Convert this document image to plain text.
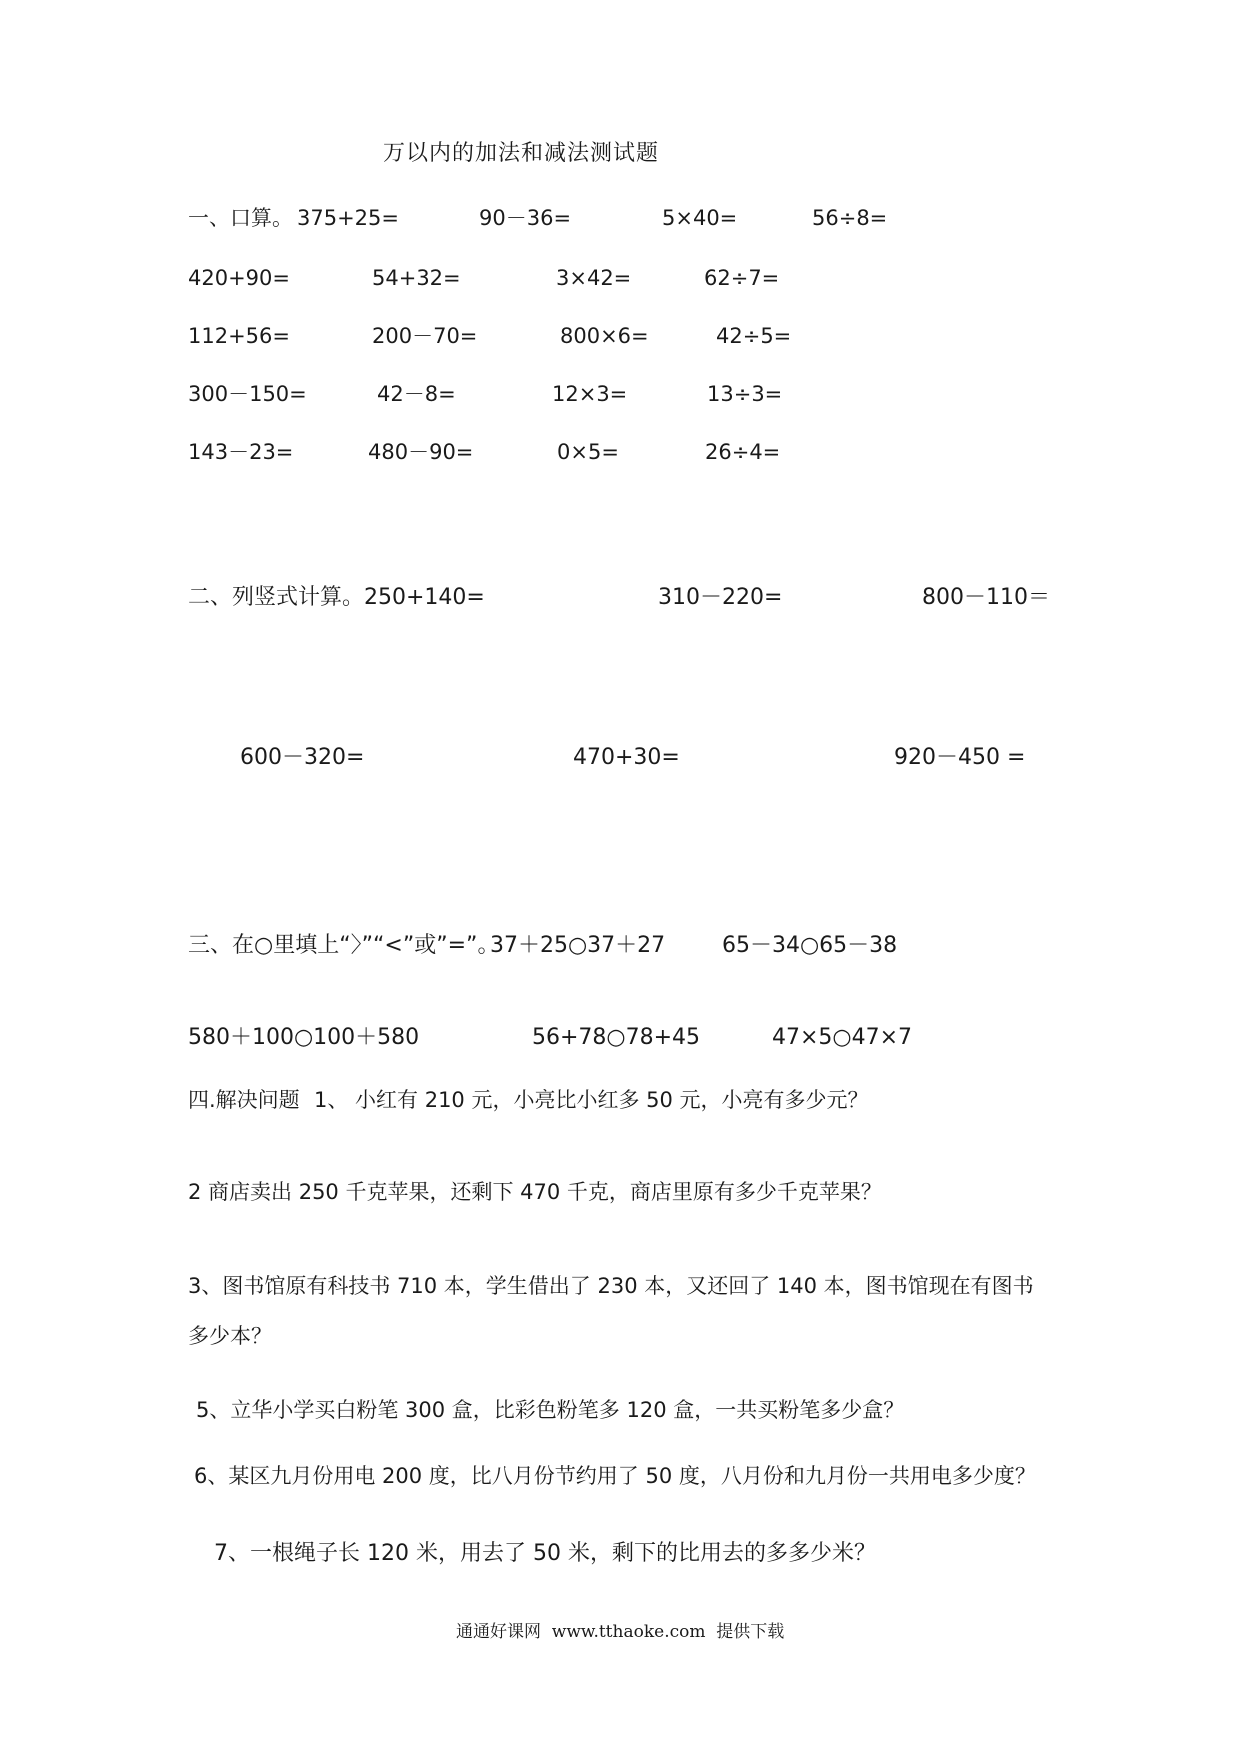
万以内的加法和减法测试题
一、口算。 375+25=	90－36=	5×40=	56÷8=
420+90=	54+32=	3×42=	62÷7=
112+56=	200－70=	800×6=	42÷5=
300－150=	42－8=	12×3=	13÷3=
143－23=	480－90=	0×5=	26÷4=
二、列竖式计算。 250+140=	310－220=	800－110＝
600－320=	470+30=	920－450 =
三、在○里填上“〉”“<”或”=”。
37＋25○37＋27	65－34○65－38
580＋100○100＋580	56+78○78+45	47×5○47×7
四.解决问题 1、 小红有 210 元，小亮比小红多 50 元，小亮有多少元？
2 商店卖出 250 千克苹果，还剩下 470 千克，商店里原有多少千克苹果？
3、图书馆原有科技书 710 本，学生借出了 230 本，又还回了 140 本，图书馆现在有图书
多少本？
5、立华小学买白粉笔 300 盒，比彩色粉笔多 120 盒，一共买粉笔多少盒？
6、某区九月份用电 200 度，比八月份节约用了 50 度，八月份和九月份一共用电多少度？
7、一根绳子长 120 米，用去了 50 米，剩下的比用去的多多少米？
通通好课网  www.tthaoke.com  提供下载
